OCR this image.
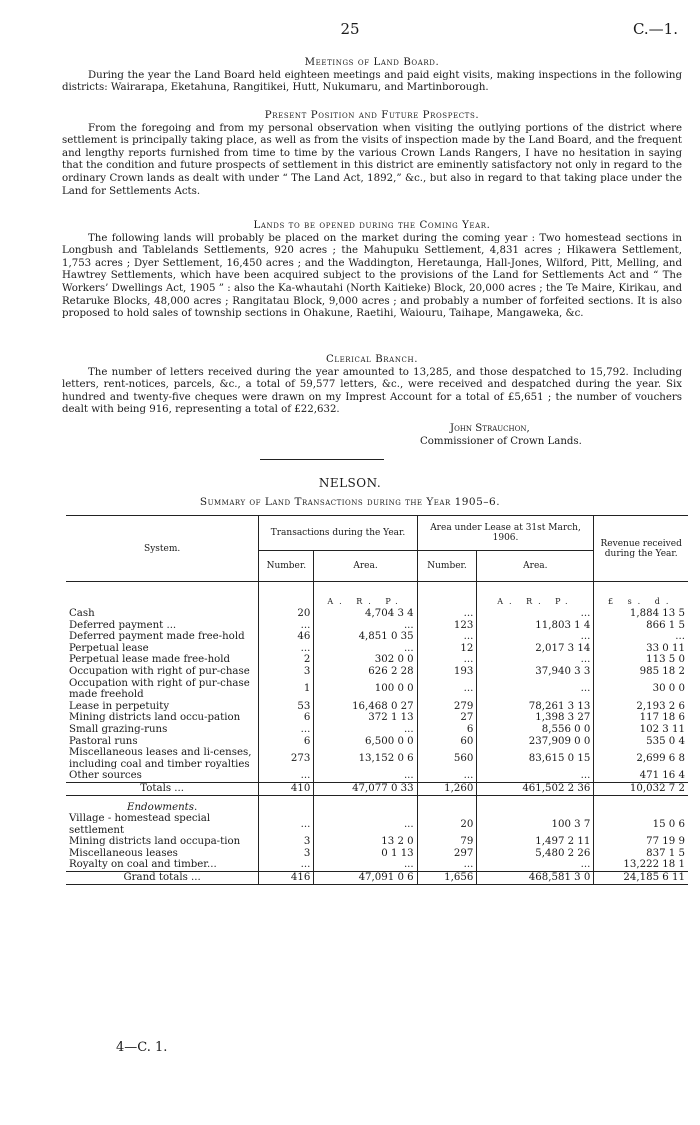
25	C.—1.

Meetings of Land Board.

During the year the Land Board held eighteen meetings and paid eight visits, making inspections in the following districts: Wairarapa, Eketahuna, Rangitikei, Hutt, Nukumaru, and Martinborough.

Present Position and Future Prospects.

From the foregoing and from my personal observation when visiting the outlying portions of the district where settlement is principally taking place, as well as from the visits of inspection made by the Land Board, and the frequent and lengthy reports furnished from time to time by the various Crown Lands Rangers, I have no hesitation in saying that the condition and future prospects of settlement in this district are eminently satisfactory not only in regard to the ordinary Crown lands as dealt with under “ The Land Act, 1892,” &c., but also in regard to that taking place under the Land for Settlements Acts.

Lands to be opened during the Coming Year.

The following lands will probably be placed on the market during the coming year : Two homestead sections in Longbush and Tablelands Settlements, 920 acres ; the Mahupuku Settlement, 4,831 acres ; Hikawera Settlement, 1,753 acres ; Dyer Settlement, 16,450 acres ; and the Waddington, Heretaunga, Hall-Jones, Wilford, Pitt, Melling, and Hawtrey Settlements, which have been acquired subject to the provisions of the Land for Settlements Act and “ The Workers’ Dwellings Act, 1905 ” : also the Ka-whautahi (North Kaitieke) Block, 20,000 acres ; the Te Maire, Kirikau, and Retaruke Blocks, 48,000 acres ; Rangitatau Block, 9,000 acres ; and probably a number of forfeited sections. It is also proposed to hold sales of township sections in Ohakune, Raetihi, Waiouru, Taihape, Mangaweka, &c.

Clerical Branch.

The number of letters received during the year amounted to 13,285, and those despatched to 15,792. Including letters, rent-notices, parcels, &c., a total of 59,577 letters, &c., were received and despatched during the year. Six hundred and twenty-five cheques were drawn on my Imprest Account for a total of £5,651 ; the number of vouchers dealt with being 916, representing a total of £22,632.

John Strauchon,
Commissioner of Crown Lands.
NELSON.
Summary of Land Transactions during the Year 1905–6.
System.	Transactions during the Year.		Area under Lease at 31st March, 1906.		Revenue received during the Year.
	Number.	Area.	Number.	Area.	
		A. R. P.		A. R. P.	£ s. d.
Cash	20	4,704 3 4	...	...	1,884 13 5
Deferred payment ...	...	...	123	11,803 1 4	866 1 5
Deferred payment made free-hold	46	4,851 0 35	...	...	...
Perpetual lease	...	...	12	2,017 3 14	33 0 11
Perpetual lease made free-hold	2	302 0 0	...	...	113 5 0
Occupation with right of pur-chase	3	626 2 28	193	37,940 3 3	985 18 2
Occupation with right of pur-chase made freehold	1	100 0 0	...	...	30 0 0
Lease in perpetuity	53	16,468 0 27	279	78,261 3 13	2,193 2 6
Mining districts land occu-pation	6	372 1 13	27	1,398 3 27	117 18 6
Small grazing-runs	...	...	6	8,556 0 0	102 3 11
Pastoral runs	6	6,500 0 0	60	237,909 0 0	535 0 4
Miscellaneous leases and li-censes, including coal and timber royalties	273	13,152 0 6	560	83,615 0 15	2,699 6 8
Other sources	...	...	...	...	471 16 4
Totals ...	410	47,077 0 33	1,260	461,502 2 36	10,032 7 2
Endowments.					
Village - homestead special settlement	...	...	20	100 3 7	15 0 6
Mining districts land occupa-tion	3	13 2 0	79	1,497 2 11	77 19 9
Miscellaneous leases	3	0 1 13	297	5,480 2 26	837 1 5
Royalty on coal and timber...	...	...	...	...	13,222 18 1
Grand totals ...	416	47,091 0 6	1,656	468,581 3 0	24,185 6 11
4—C. 1.
